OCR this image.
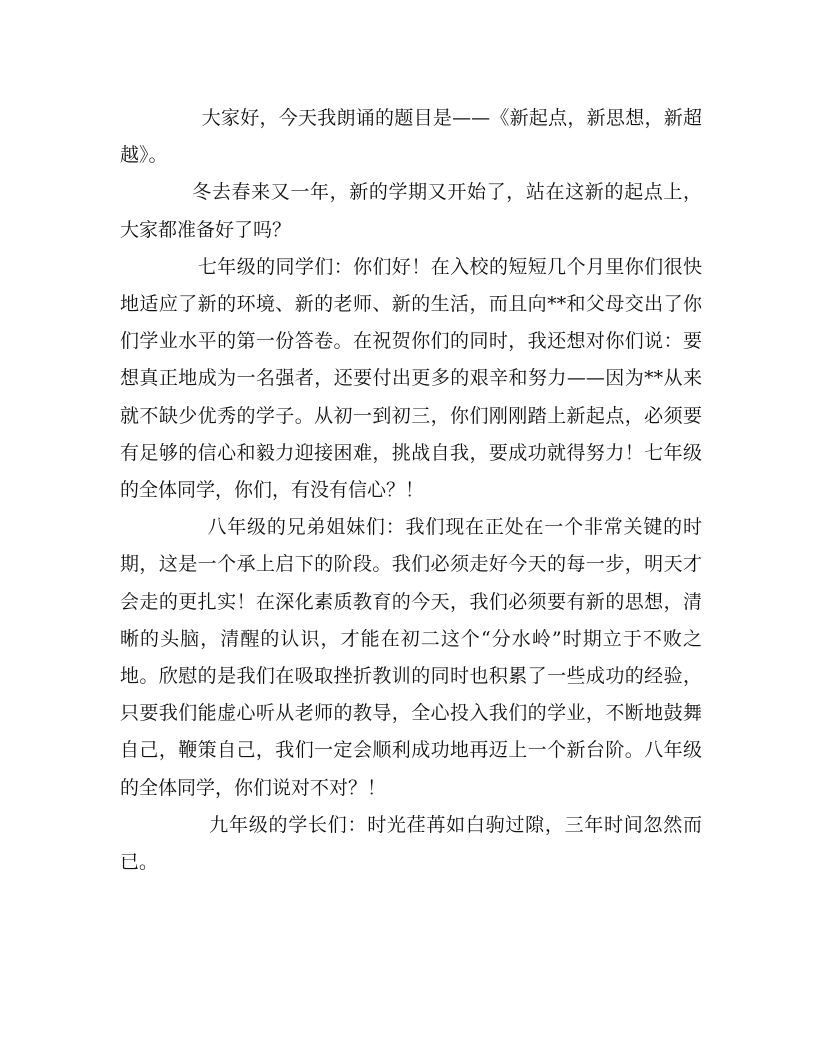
大家好，今天我朗诵的题目是——《新起点，新思想，新超越》。

冬去春来又一年，新的学期又开始了，站在这新的起点上，大家都准备好了吗？

七年级的同学们：你们好！在入校的短短几个月里你们很快地适应了新的环境、新的老师、新的生活，而且向**和父母交出了你们学业水平的第一份答卷。在祝贺你们的同时，我还想对你们说：要想真正地成为一名强者，还要付出更多的艰辛和努力——因为**从来就不缺少优秀的学子。从初一到初三，你们刚刚踏上新起点，必须要有足够的信心和毅力迎接困难，挑战自我，要成功就得努力！七年级的全体同学，你们，有没有信心？！

八年级的兄弟姐妹们：我们现在正处在一个非常关键的时期，这是一个承上启下的阶段。我们必须走好今天的每一步，明天才会走的更扎实！在深化素质教育的今天，我们必须要有新的思想，清晰的头脑，清醒的认识，才能在初二这个“分水岭”时期立于不败之地。欣慰的是我们在吸取挫折教训的同时也积累了一些成功的经验，只要我们能虚心听从老师的教导，全心投入我们的学业，不断地鼓舞自己，鞭策自己，我们一定会顺利成功地再迈上一个新台阶。八年级的全体同学，你们说对不对？！

九年级的学长们：时光荏苒如白驹过隙，三年时间忽然而已。
